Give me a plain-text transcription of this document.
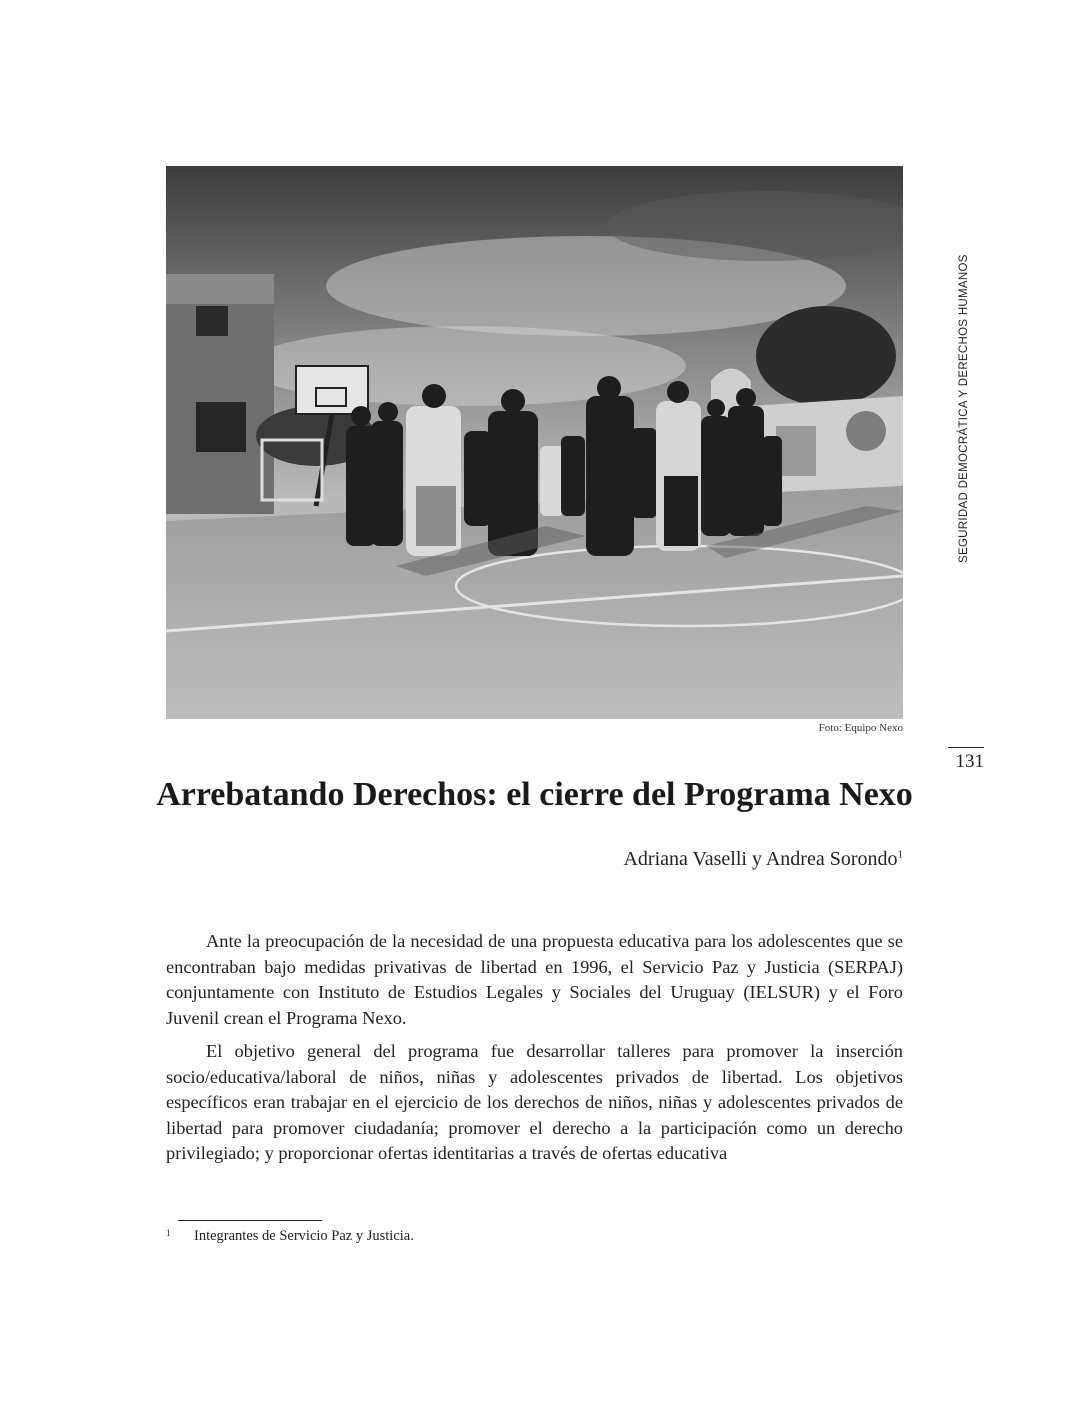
Foto: Equipo Nexo
SEGURIDAD DEMOCRÁTICA Y DERECHOS HUMANOS
131
Arrebatando Derechos: el cierre del Programa Nexo
Adriana Vaselli y Andrea Sorondo$^1$

Ante la preocupación de la necesidad de una propuesta educativa para los adolescentes que se encontraban bajo medidas privativas de libertad en 1996, el Servicio Paz y Justicia (SERPAJ) conjuntamente con Instituto de Estudios Legales y Sociales del Uruguay (IELSUR) y el Foro Juvenil crean el Programa Nexo.

El objetivo general del programa fue desarrollar talleres para promover la inserción socio/educativa/laboral de niños, niñas y adolescentes privados de libertad. Los objetivos específicos eran trabajar en el ejercicio de los derechos de niños, niñas y adolescentes privados de libertad para promover ciudadanía; promover el derecho a la participación como un derecho privilegiado; y proporcionar ofertas identitarias a través de ofertas educativa

1 Integrantes de Servicio Paz y Justicia.
